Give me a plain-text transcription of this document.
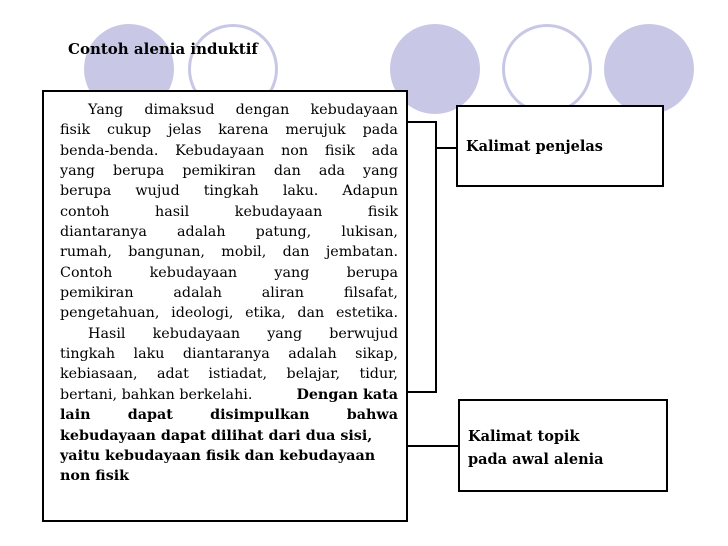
Contoh alenia induktif
Yang dimaksud dengan kebudayaan
fisik cukup jelas karena merujuk pada
benda-benda. Kebudayaan non fisik ada
yang berupa pemikiran dan ada yang
berupa wujud tingkah laku. Adapun
contoh	hasil	kebudayaan	fisik
diantaranya adalah patung, lukisan,
rumah, bangunan, mobil, dan jembatan.
Contoh	kebudayaan	yang	berupa
pemikiran	adalah	aliran	filsafat,
pengetahuan, ideologi, etika, dan estetika.
Hasil kebudayaan yang berwujud
tingkah laku diantaranya adalah sikap,
kebiasaan, adat istiadat, belajar, tidur,
bertani, bahkan berkelahi.	Dengan kata
lain	dapat	disimpulkan	bahwa
kebudayaan dapat dilihat dari dua sisi,
yaitu kebudayaan fisik dan kebudayaan
non fisik
Kalimat penjelas
Kalimat topik
pada awal alenia
